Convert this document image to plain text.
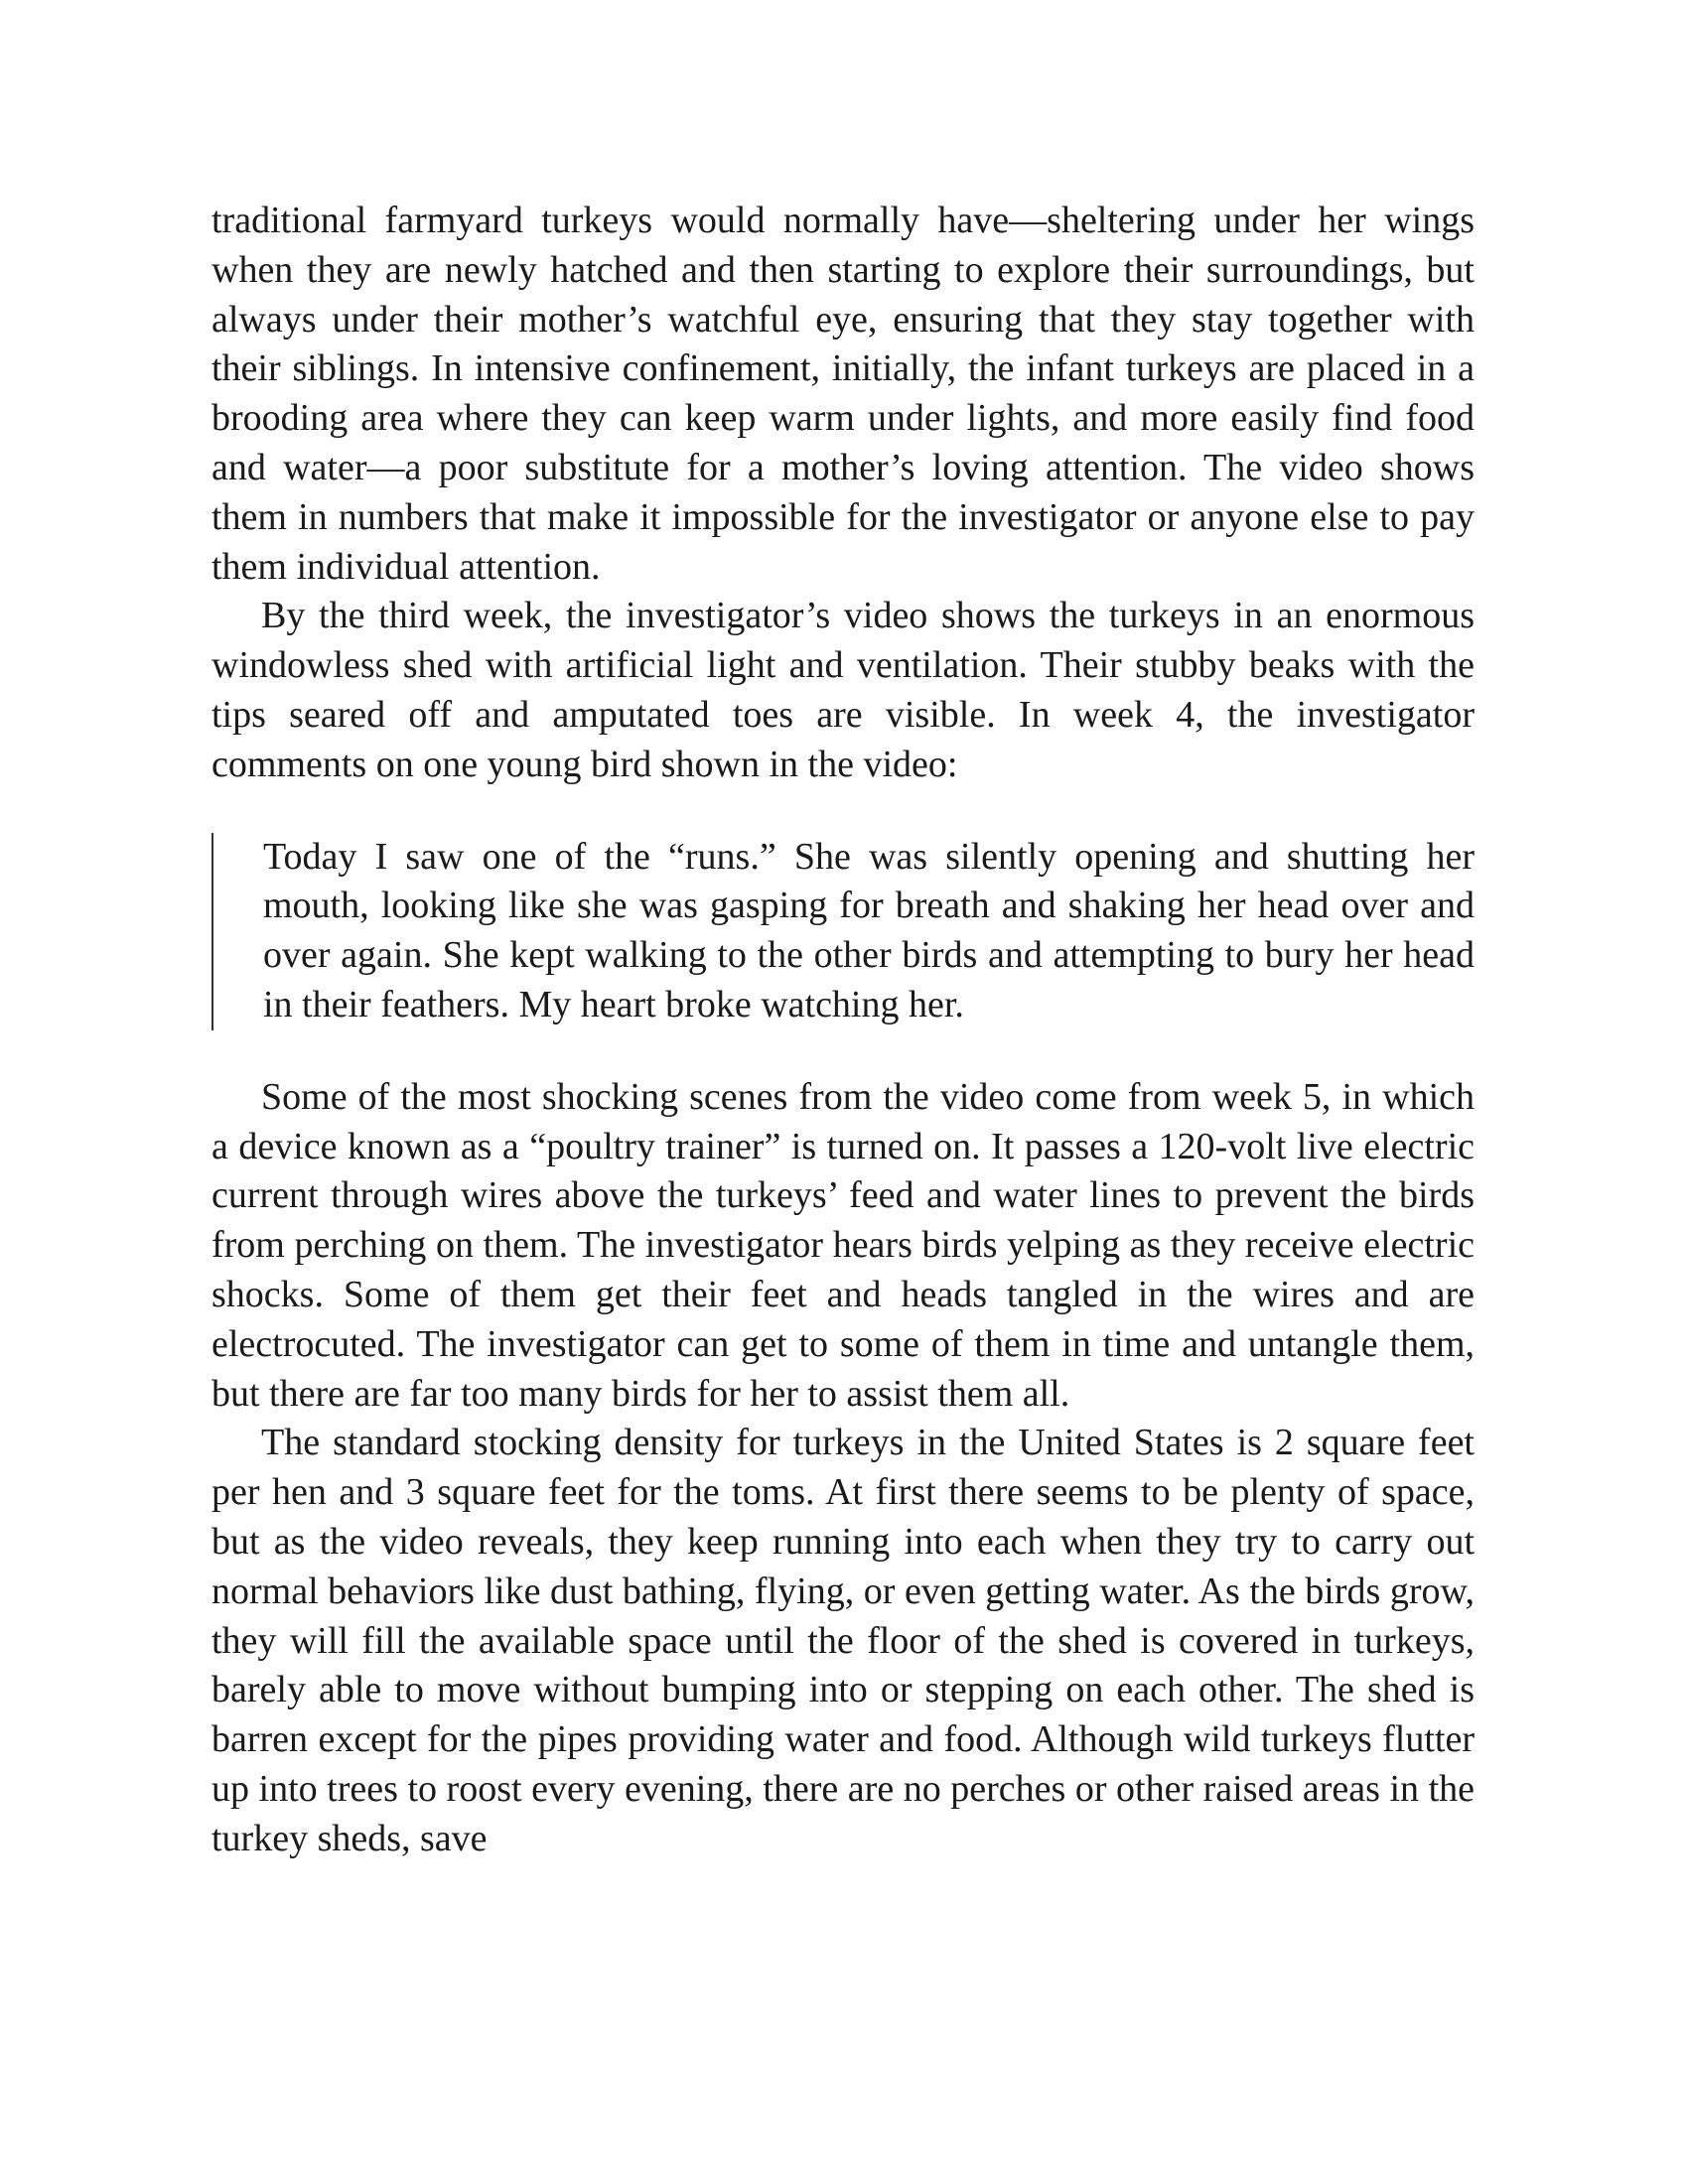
traditional farmyard turkeys would normally have—sheltering under her wings when they are newly hatched and then starting to explore their surroundings, but always under their mother’s watchful eye, ensuring that they stay together with their siblings. In intensive confinement, initially, the infant turkeys are placed in a brooding area where they can keep warm under lights, and more easily find food and water—a poor substitute for a mother’s loving attention. The video shows them in numbers that make it impossible for the investigator or anyone else to pay them individual attention.

By the third week, the investigator’s video shows the turkeys in an enormous windowless shed with artificial light and ventilation. Their stubby beaks with the tips seared off and amputated toes are visible. In week 4, the investigator comments on one young bird shown in the video:

Today I saw one of the “runs.” She was silently opening and shutting her mouth, looking like she was gasping for breath and shaking her head over and over again. She kept walking to the other birds and attempting to bury her head in their feathers. My heart broke watching her.

Some of the most shocking scenes from the video come from week 5, in which a device known as a “poultry trainer” is turned on. It passes a 120-volt live electric current through wires above the turkeys’ feed and water lines to prevent the birds from perching on them. The investigator hears birds yelping as they receive electric shocks. Some of them get their feet and heads tangled in the wires and are electrocuted. The investigator can get to some of them in time and untangle them, but there are far too many birds for her to assist them all.

The standard stocking density for turkeys in the United States is 2 square feet per hen and 3 square feet for the toms. At first there seems to be plenty of space, but as the video reveals, they keep running into each when they try to carry out normal behaviors like dust bathing, flying, or even getting water. As the birds grow, they will fill the available space until the floor of the shed is covered in turkeys, barely able to move without bumping into or stepping on each other. The shed is barren except for the pipes providing water and food. Although wild turkeys flutter up into trees to roost every evening, there are no perches or other raised areas in the turkey sheds, save
